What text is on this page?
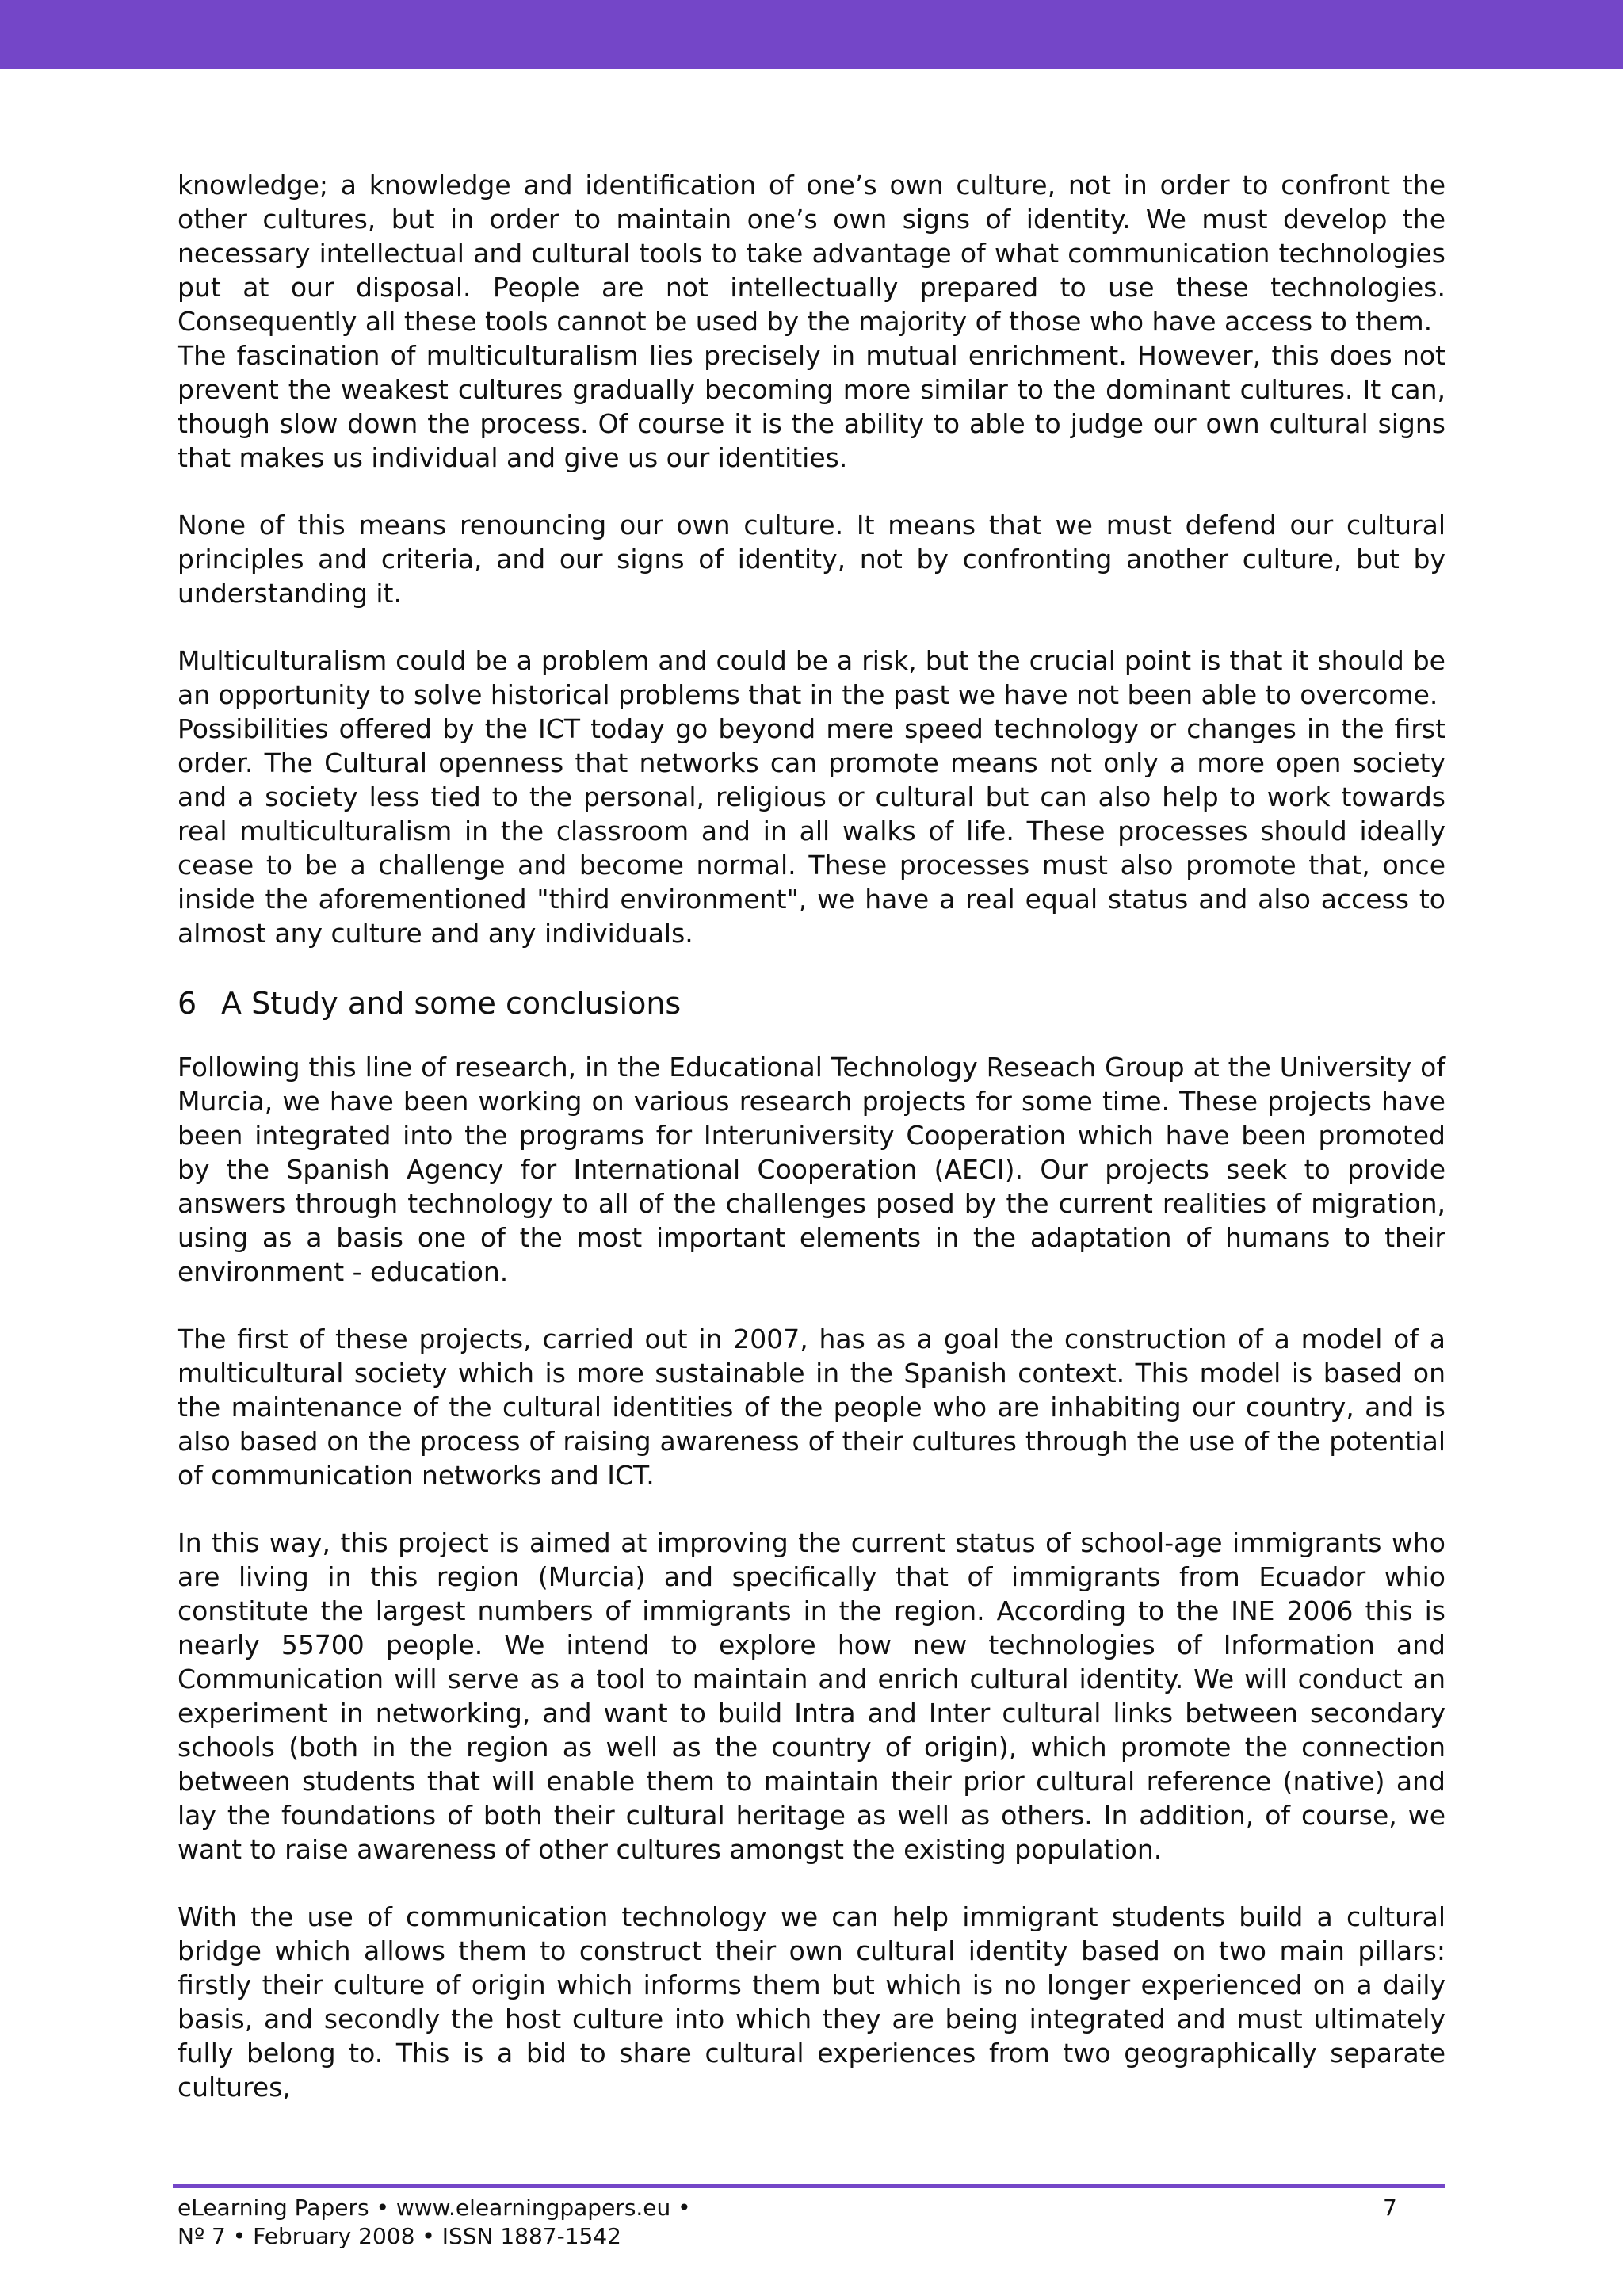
knowledge; a knowledge and identification of one’s own culture, not in order to confront the other cultures, but in order to maintain one’s own signs of identity. We must develop the necessary intellectual and cultural tools to take advantage of what communication technologies put at our disposal. People are not intellectually prepared to use these technologies. Consequently all these tools cannot be used by the majority of those who have access to them.

The fascination of multiculturalism lies precisely in mutual enrichment. However, this does not prevent the weakest cultures gradually becoming more similar to the dominant cultures. It can, though slow down the process. Of course it is the ability to able to judge our own cultural signs that makes us individual and give us our identities.

None of this means renouncing our own culture. It means that we must defend our cultural principles and criteria, and our signs of identity, not by confronting another culture, but by understanding it.

Multiculturalism could be a problem and could be a risk, but the crucial point is that it should be an opportunity to solve historical problems that in the past we have not been able to overcome.

Possibilities offered by the ICT today go beyond mere speed technology or changes in the first order. The Cultural openness that networks can promote means not only a more open society and a society less tied to the personal, religious or cultural but can also help to work towards real multiculturalism in the classroom and in all walks of life. These processes should ideally cease to be a challenge and become normal. These processes must also promote that, once inside the aforementioned "third environment", we have a real equal status and also access to almost any culture and any individuals.

6 A Study and some conclusions

Following this line of research, in the Educational Technology Reseach Group at the University of Murcia, we have been working on various research projects for some time. These projects have been integrated into the programs for Interuniversity Cooperation which have been promoted by the Spanish Agency for International Cooperation (AECI). Our projects seek to provide answers through technology to all of the challenges posed by the current realities of migration, using as a basis one of the most important elements in the adaptation of humans to their environment - education.

The first of these projects, carried out in 2007, has as a goal the construction of a model of a multicultural society which is more sustainable in the Spanish context. This model is based on the maintenance of the cultural identities of the people who are inhabiting our country, and is also based on the process of raising awareness of their cultures through the use of the potential of communication networks and ICT.

In this way, this project is aimed at improving the current status of school-age immigrants who are living in this region (Murcia) and specifically that of immigrants from Ecuador whio constitute the largest numbers of immigrants in the region. According to the INE 2006 this is nearly 55700 people. We intend to explore how new technologies of Information and Communication will serve as a tool to maintain and enrich cultural identity. We will conduct an experiment in networking, and want to build Intra and Inter cultural links between secondary schools (both in the region as well as the country of origin), which promote the connection between students that will enable them to maintain their prior cultural reference (native) and lay the foundations of both their cultural heritage as well as others. In addition, of course, we want to raise awareness of other cultures amongst the existing population.

With the use of communication technology we can help immigrant students build a cultural bridge which allows them to construct their own cultural identity based on two main pillars: firstly their culture of origin which informs them but which is no longer experienced on a daily basis, and secondly the host culture into which they are being integrated and must ultimately fully belong to. This is a bid to share cultural experiences from two geographically separate cultures,

eLearning Papers • www.elearningpapers.eu •
Nº 7 • February 2008 • ISSN 1887-1542
7
